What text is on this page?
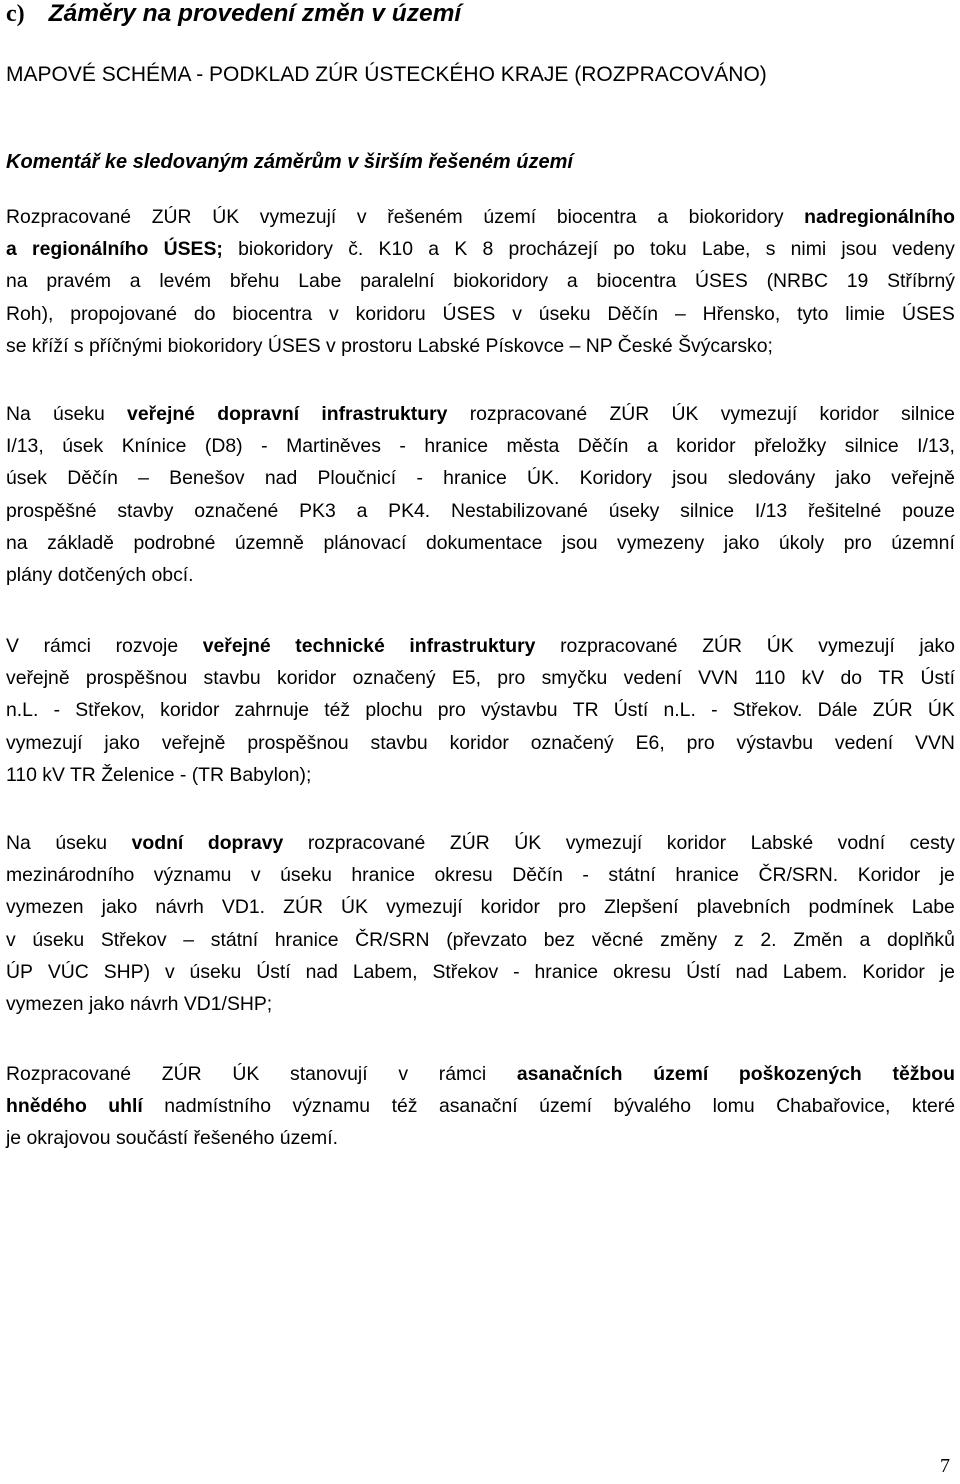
c) Záměry na provedení změn v území
MAPOVÉ SCHÉMA - PODKLAD ZÚR ÚSTECKÉHO KRAJE (ROZPRACOVÁNO)
Komentář ke sledovaným záměrům v širším řešeném území
Rozpracované ZÚR ÚK vymezují v řešeném území biocentra a biokoridory nadregionálního
a regionálního ÚSES; biokoridory č. K10 a K 8 procházejí po toku Labe, s nimi jsou vedeny
na pravém a levém břehu Labe paralelní biokoridory a biocentra ÚSES (NRBC 19 Stříbrný
Roh), propojované do biocentra v koridoru ÚSES v úseku Děčín – Hřensko, tyto limie ÚSES
se kříží s příčnými biokoridory ÚSES v prostoru Labské Pískovce – NP České Švýcarsko;
Na úseku veřejné dopravní infrastruktury rozpracované ZÚR ÚK vymezují koridor silnice
I/13, úsek Knínice (D8) - Martiněves - hranice města Děčín a koridor přeložky silnice I/13,
úsek Děčín – Benešov nad Ploučnicí - hranice ÚK. Koridory jsou sledovány jako veřejně
prospěšné stavby označené PK3 a PK4. Nestabilizované úseky silnice I/13 řešitelné pouze
na základě podrobné územně plánovací dokumentace jsou vymezeny jako úkoly pro územní
plány dotčených obcí.
V rámci rozvoje veřejné technické infrastruktury rozpracované ZÚR ÚK vymezují jako
veřejně prospěšnou stavbu koridor označený E5, pro smyčku vedení VVN 110 kV do TR Ústí
n.L. - Střekov, koridor zahrnuje též plochu pro výstavbu TR Ústí n.L. - Střekov. Dále ZÚR ÚK
vymezují jako veřejně prospěšnou stavbu koridor označený E6, pro výstavbu vedení VVN
110 kV TR Želenice - (TR Babylon);
Na úseku vodní dopravy rozpracované ZÚR ÚK vymezují koridor Labské vodní cesty
mezinárodního významu v úseku hranice okresu Děčín - státní hranice ČR/SRN. Koridor je
vymezen jako návrh VD1. ZÚR ÚK vymezují koridor pro Zlepšení plavebních podmínek Labe
v úseku Střekov – státní hranice ČR/SRN (převzato bez věcné změny z 2. Změn a doplňků
ÚP VÚC SHP) v úseku Ústí nad Labem, Střekov - hranice okresu Ústí nad Labem. Koridor je
vymezen jako návrh VD1/SHP;
Rozpracované ZÚR ÚK stanovují v rámci asanačních území poškozených těžbou
hnědého uhlí nadmístního významu též asanační území bývalého lomu Chabařovice, které
je okrajovou součástí řešeného území.
7
